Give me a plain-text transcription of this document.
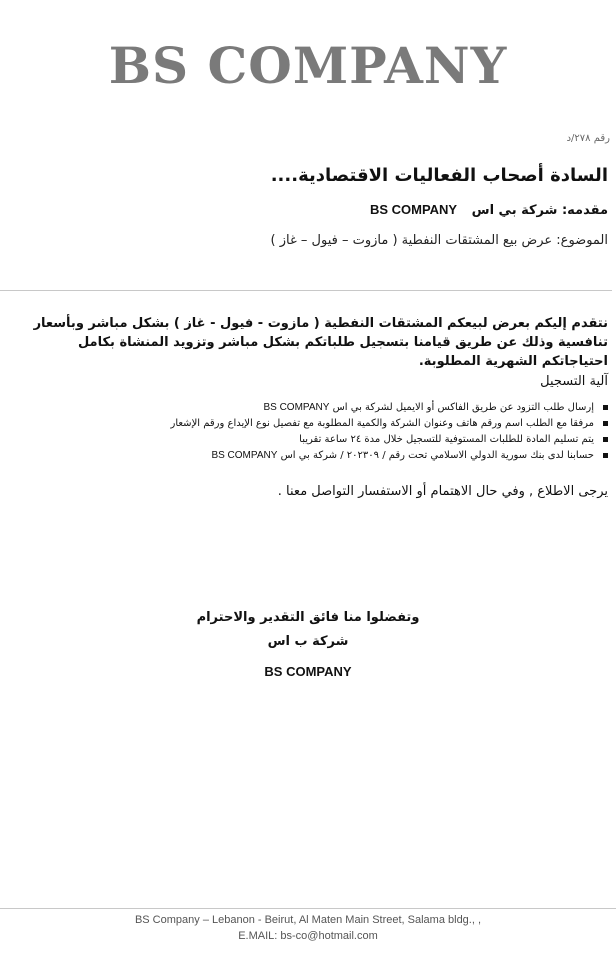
BS COMPANY
رقم ٢٧٨/د
السادة أصحاب الفعاليات الاقتصادية....
مقدمه: شركة بي اس BS COMPANY
الموضوع: عرض بيع المشتقات النفطية ( مازوت – فيول – غاز )
نتقدم إليكم بعرض لبيعكم المشتقات النفطية ( مازوت - فيول - غاز ) بشكل مباشر وبأسعار تنافسية وذلك عن طريق قيامنا بتسجيل طلباتكم بشكل مباشر وتزويد المنشاة بكامل احتياجاتكم الشهرية المطلوبة.
آلية التسجيل
إرسال طلب التزود عن طريق الفاكس أو الايميل لشركة بي اس BS COMPANY
مرفقا مع الطلب اسم ورقم هاتف وعنوان الشركة والكمية المطلوبة مع تفصيل نوع الإيداع ورقم الإشعار
يتم تسليم المادة للطلبات المستوفية للتسجيل خلال مدة ٢٤ ساعة تقريبا
حسابنا لدى بنك سورية الدولي الاسلامي تحت رقم / ٢٠٢٣٠٩ / شركة بي اس BS COMPANY
يرجى الاطلاع , وفي حال الاهتمام أو الاستفسار التواصل معنا .
وتفضلوا منا فائق التقدير والاحترام
شركة ب اس
BS COMPANY
BS Company – Lebanon - Beirut, Al Maten Main Street, Salama bldg., ,
E.MAIL: bs-co@hotmail.com
